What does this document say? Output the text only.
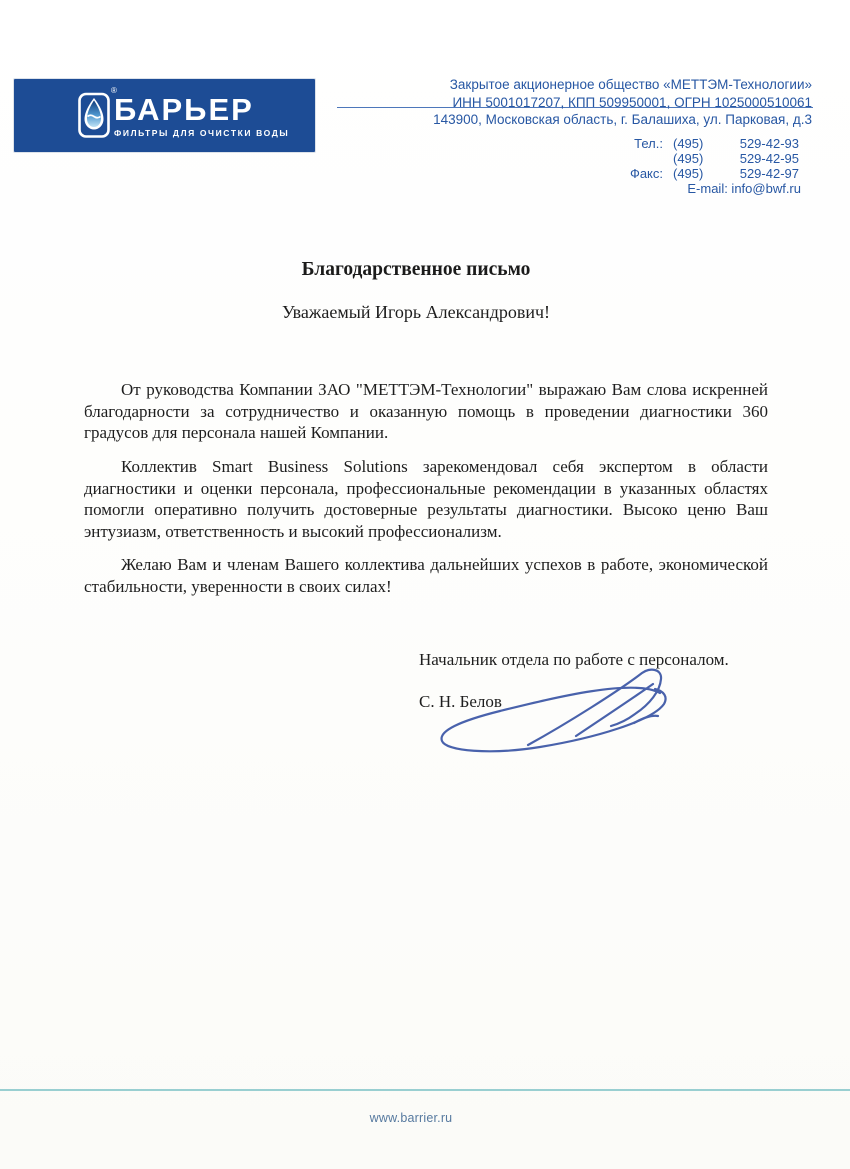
®
БАРЬЕР
ФИЛЬТРЫ ДЛЯ ОЧИСТКИ ВОДЫ
Закрытое акционерное общество «МЕТТЭМ-Технологии»
ИНН 5001017207, КПП 509950001, ОГРН 1025000510061
143900, Московская область, г. Балашиха, ул. Парковая, д.3
Тел.: (495)	529-42-93
(495)	529-42-95
Факс: (495)	529-42-97
E-mail: info@bwf.ru
Благодарственное письмо
Уважаемый Игорь Александрович!

От руководства Компании ЗАО "МЕТТЭМ-Технологии" выражаю Вам слова искренней благодарности за сотрудничество и оказанную помощь в проведении диагностики 360 градусов для персонала нашей Компании.

Коллектив Smart Business Solutions зарекомендовал себя экспертом в области диагностики и оценки персонала, профессиональные рекомендации в указанных областях помогли оперативно получить достоверные результаты диагностики. Высоко ценю Ваш энтузиазм, ответственность и высокий профессионализм.

Желаю Вам и членам Вашего коллектива дальнейших успехов в работе, экономической стабильности, уверенности в своих силах!

Начальник отдела по работе с персоналом.
С. Н. Белов
www.barrier.ru
